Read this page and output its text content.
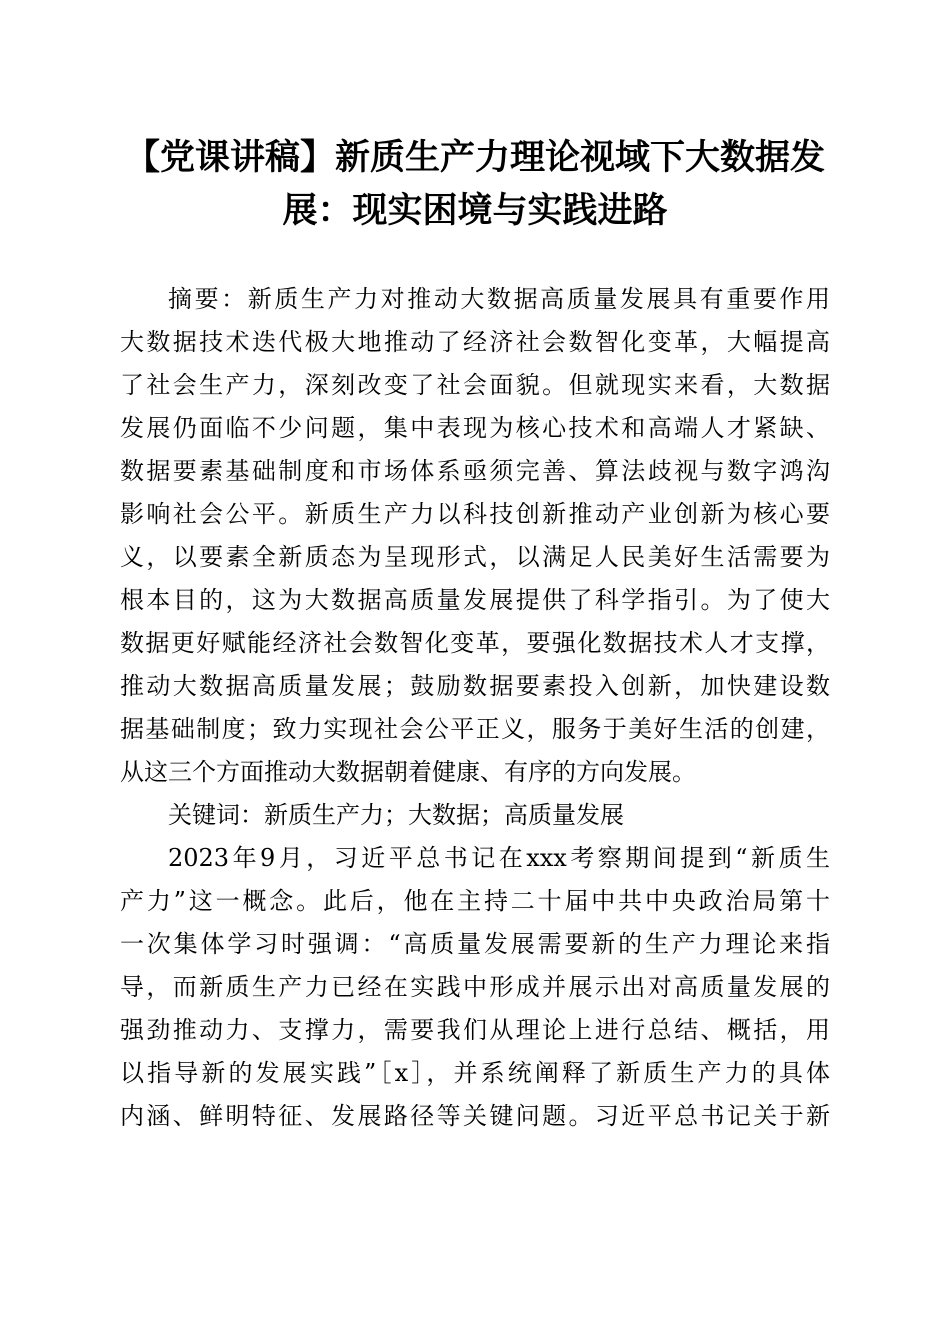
【党课讲稿】新质生产力理论视域下大数据发
展：现实困境与实践进路
摘要：新质生产力对推动大数据高质量发展具有重要作用
大数据技术迭代极大地推动了经济社会数智化变革，大幅提高
了社会生产力，深刻改变了社会面貌。但就现实来看，大数据
发展仍面临不少问题，集中表现为核心技术和高端人才紧缺、
数据要素基础制度和市场体系亟须完善、算法歧视与数字鸿沟
影响社会公平。新质生产力以科技创新推动产业创新为核心要
义，以要素全新质态为呈现形式，以满足人民美好生活需要为
根本目的，这为大数据高质量发展提供了科学指引。为了使大
数据更好赋能经济社会数智化变革，要强化数据技术人才支撑，
推动大数据高质量发展；鼓励数据要素投入创新，加快建设数
据基础制度；致力实现社会公平正义，服务于美好生活的创建，
从这三个方面推动大数据朝着健康、有序的方向发展。
关键词：新质生产力；大数据；高质量发展
2023年9月，习近平总书记在xxx考察期间提到“新质生
产力”这一概念。此后，他在主持二十届中共中央政治局第十
一次集体学习时强调：“高质量发展需要新的生产力理论来指
导，而新质生产力已经在实践中形成并展示出对高质量发展的
强劲推动力、支撑力，需要我们从理论上进行总结、概括，用
以指导新的发展实践”［x］，并系统阐释了新质生产力的具体
内涵、鲜明特征、发展路径等关键问题。习近平总书记关于新
